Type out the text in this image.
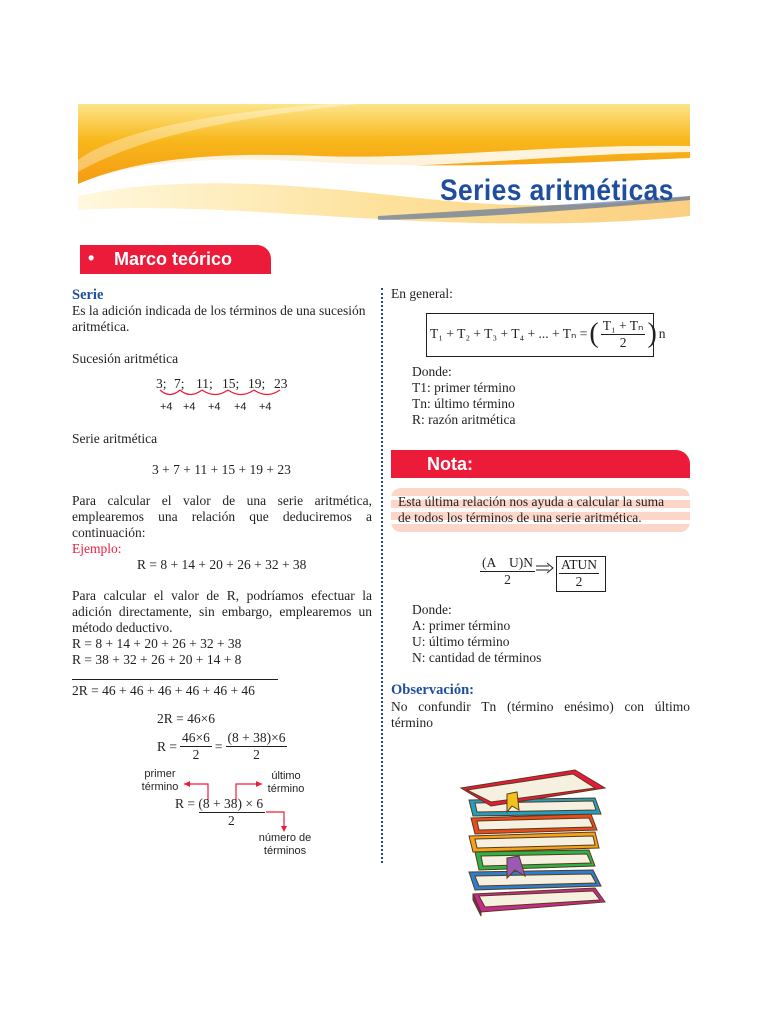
Series aritméticas
• Marco teórico
Serie
Es la adición indicada de los términos de una sucesión
aritmética.
Sucesión aritmética
3; 7; 11; 15; 19; 23
+4 +4 +4 +4 +4
Serie aritmética
3 + 7 + 11 + 15 + 19 + 23
Para calcular el valor de una serie aritmética,
emplearemos una relación que deduciremos a
continuación:
Ejemplo:
R = 8 + 14 + 20 + 26 + 32 + 38
Para calcular el valor de R, podríamos efectuar la
adición directamente, sin embargo, emplearemos un
método deductivo.
R = 8 + 14 + 20 + 26 + 32 + 38
R = 38 + 32 + 26 + 20 + 14 + 8
2R = 46 + 46 + 46 + 46 + 46 + 46
2R = 46×6
$R = \frac{46\times 6}{2} = \frac{(8 + 38)\times 6}{2}$
primer término
último término
número de términos
R = (8 + 38) × 6
2
En general:
T₁ + T₂ + T₃ + T₄ + ... + Tₙ = ( $\frac{\text{T₁ + Tₙ}}{2}$ ) n
Donde:
T1: primer término
Tn: último término
R: razón aritmética
Nota:
Esta última relación nos ayuda a calcular la suma
de todos los términos de una serie aritmética.
$\frac{\text{(A    U)N}}{2} \frac{\text{ATUN}}{2}$
Donde:
A: primer término
U: último término
N: cantidad de términos
Observación:
No confundir Tn (término enésimo) con último
término
